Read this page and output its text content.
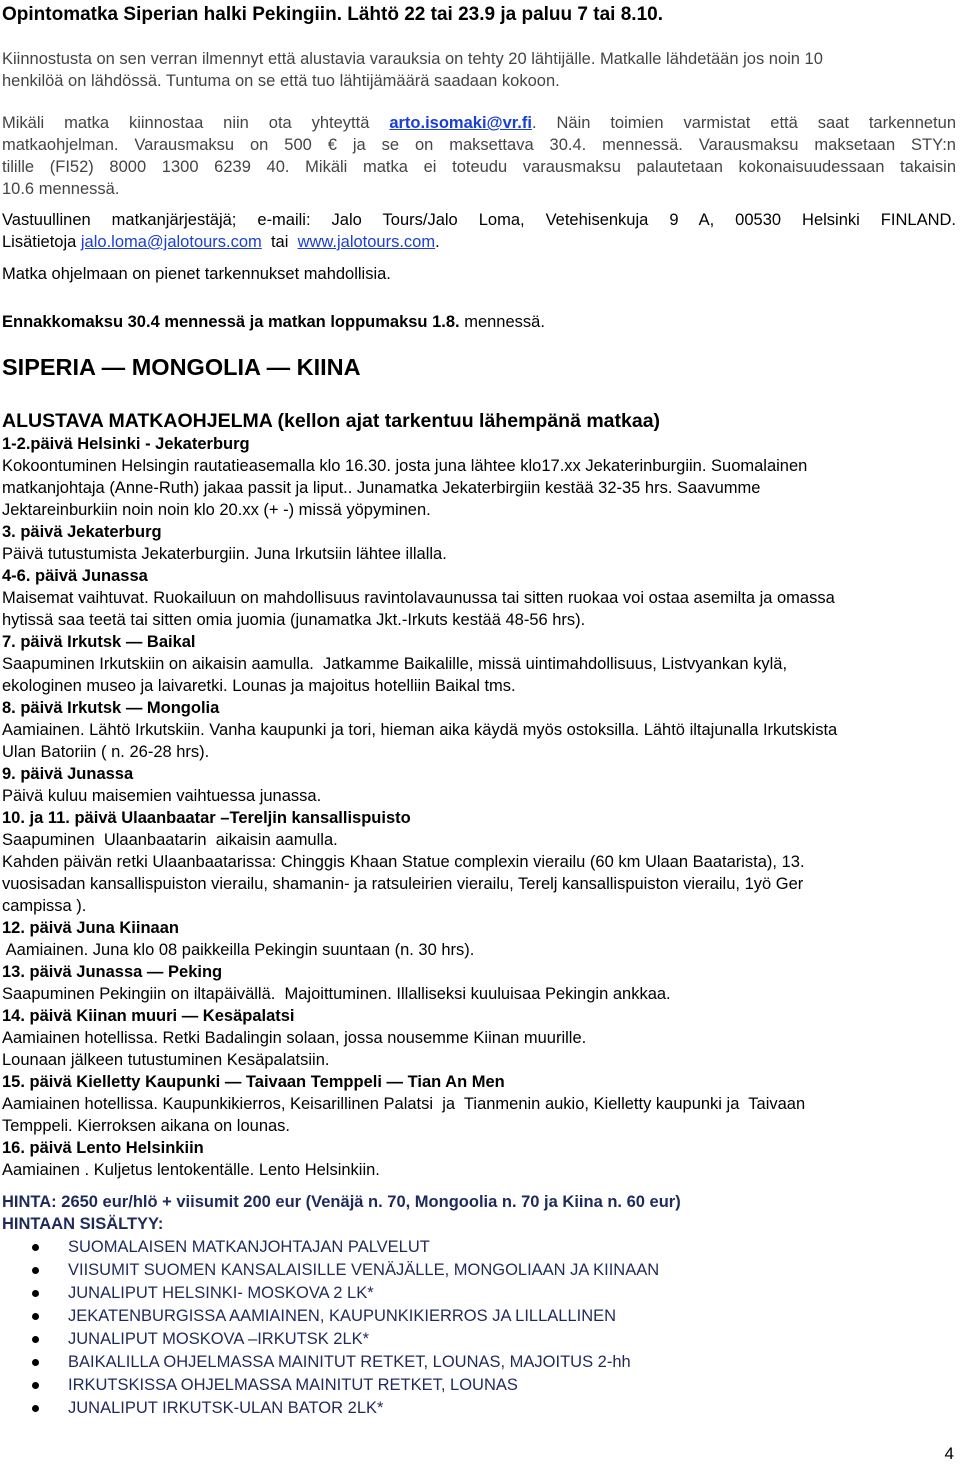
Opintomatka Siperian halki Pekingiin. Lähtö 22 tai 23.9 ja paluu 7 tai 8.10.

Kiinnostusta on sen verran ilmennyt että alustavia varauksia on tehty 20 lähtijälle. Matkalle lähdetään jos noin 10

henkilöä on lähdössä. Tuntuma on se että tuo lähtijämäärä saadaan kokoon.

Mikäli matka kiinnostaa niin ota yhteyttä arto.isomaki@vr.fi. Näin toimien varmistat että saat tarkennetun

matkaohjelman. Varausmaksu on 500 € ja se on maksettava 30.4. mennessä. Varausmaksu maksetaan STY:n

tilille (FI52) 8000 1300 6239 40. Mikäli matka ei toteudu varausmaksu palautetaan kokonaisuudessaan takaisin

10.6 mennessä.

Vastuullinen matkanjärjestäjä; e-maili: Jalo Tours/Jalo Loma, Vetehisenkuja 9 A, 00530 Helsinki FINLAND.

Lisätietoja jalo.loma@jalotours.com  tai  www.jalotours.com.

Matka ohjelmaan on pienet tarkennukset mahdollisia.

Ennakkomaksu 30.4 mennessä ja matkan loppumaksu 1.8. mennessä.

SIPERIA — MONGOLIA — KIINA

ALUSTAVA MATKAOHJELMA (kellon ajat tarkentuu lähempänä matkaa)

1-2.päivä Helsinki - Jekaterburg

Kokoontuminen Helsingin rautatieasemalla klo 16.30. josta juna lähtee klo17.xx Jekaterinburgiin. Suomalainen

matkanjohtaja (Anne-Ruth) jakaa passit ja liput.. Junamatka Jekaterbirgiin kestää 32-35 hrs. Saavumme

Jektareinburkiin noin noin klo 20.xx (+ -) missä yöpyminen.

3. päivä Jekaterburg

Päivä tutustumista Jekaterburgiin. Juna Irkutsiin lähtee illalla.

4-6. päivä Junassa

Maisemat vaihtuvat. Ruokailuun on mahdollisuus ravintolavaunussa tai sitten ruokaa voi ostaa asemilta ja omassa

hytissä saa teetä tai sitten omia juomia (junamatka Jkt.-Irkuts kestää 48-56 hrs).

7. päivä Irkutsk — Baikal

Saapuminen Irkutskiin on aikaisin aamulla.  Jatkamme Baikalille, missä uintimahdollisuus, Listvyankan kylä,

ekologinen museo ja laivaretki. Lounas ja majoitus hotelliin Baikal tms.

8. päivä Irkutsk — Mongolia

Aamiainen. Lähtö Irkutskiin. Vanha kaupunki ja tori, hieman aika käydä myös ostoksilla. Lähtö iltajunalla Irkutskista

Ulan Batoriin ( n. 26-28 hrs).

9. päivä Junassa

Päivä kuluu maisemien vaihtuessa junassa.

10. ja 11. päivä Ulaanbaatar –Tereljin kansallispuisto

Saapuminen  Ulaanbaatarin  aikaisin aamulla.

Kahden päivän retki Ulaanbaatarissa: Chinggis Khaan Statue complexin vierailu (60 km Ulaan Baatarista), 13.

vuosisadan kansallispuiston vierailu, shamanin- ja ratsuleirien vierailu, Terelj kansallispuiston vierailu, 1yö Ger

campissa ).

12. päivä Juna Kiinaan

Aamiainen. Juna klo 08 paikkeilla Pekingin suuntaan (n. 30 hrs).

13. päivä Junassa — Peking

Saapuminen Pekingiin on iltapäivällä.  Majoittuminen. Illalliseksi kuuluisaa Pekingin ankkaa.

14. päivä Kiinan muuri — Kesäpalatsi

Aamiainen hotellissa. Retki Badalingin solaan, jossa nousemme Kiinan muurille.

Lounaan jälkeen tutustuminen Kesäpalatsiin.

15. päivä Kielletty Kaupunki — Taivaan Temppeli — Tian An Men

Aamiainen hotellissa. Kaupunkikierros, Keisarillinen Palatsi  ja  Tianmenin aukio, Kielletty kaupunki ja  Taivaan

Temppeli. Kierroksen aikana on lounas.

16. päivä Lento Helsinkiin

Aamiainen . Kuljetus lentokentälle. Lento Helsinkiin.

HINTA: 2650 eur/hlö + viisumit 200 eur (Venäjä n. 70, Mongoolia n. 70 ja Kiina n. 60 eur)

HINTAAN SISÄLTYY:

SUOMALAISEN MATKANJOHTAJAN PALVELUT
VIISUMIT SUOMEN KANSALAISILLE VENÄJÄLLE, MONGOLIAAN JA KIINAAN
JUNALIPUT HELSINKI- MOSKOVA 2 LK*
JEKATENBURGISSA AAMIAINEN, KAUPUNKIKIERROS JA LILLALLINEN
JUNALIPUT MOSKOVA –IRKUTSK 2LK*
BAIKALILLA OHJELMASSA MAINITUT RETKET, LOUNAS, MAJOITUS 2-hh
IRKUTSKISSA OHJELMASSA MAINITUT RETKET, LOUNAS
JUNALIPUT IRKUTSK-ULAN BATOR 2LK*
4
